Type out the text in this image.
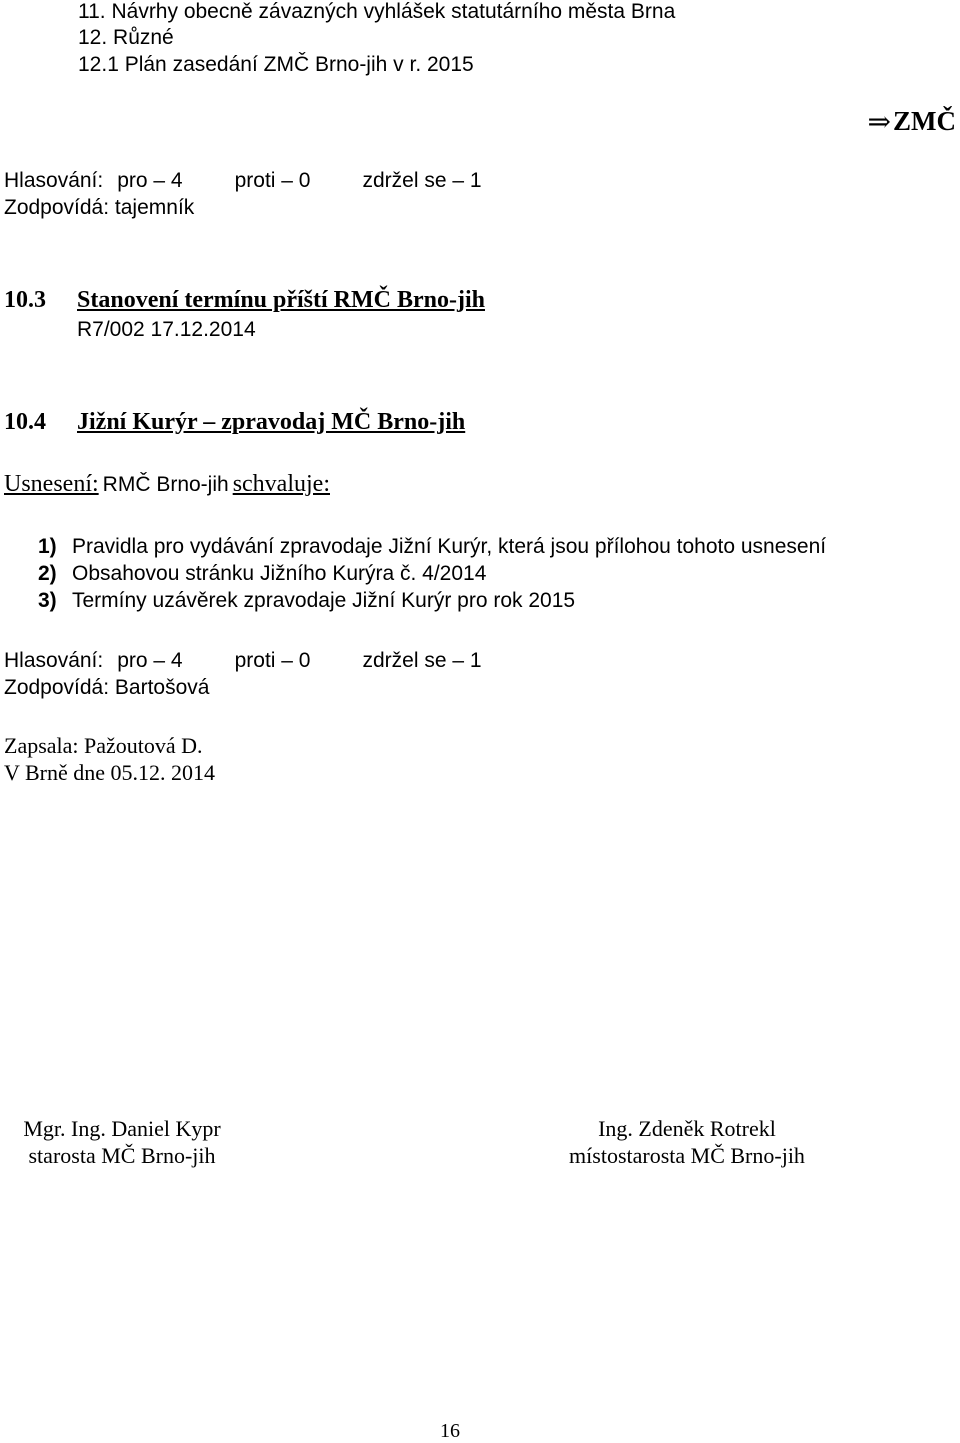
11. Návrhy obecně závazných vyhlášek statutárního města Brna
12. Různé
12.1 Plán zasedání ZMČ Brno-jih v r. 2015
⇒ZMČ
Hlasování: pro – 4 proti – 0 zdržel se – 1
Zodpovídá: tajemník
10.3 Stanovení termínu příští RMČ Brno-jih
R7/002 17.12.2014
10.4 Jižní Kurýr – zpravodaj MČ Brno-jih
Usnesení: RMČ Brno-jih schvaluje:
1) Pravidla pro vydávání zpravodaje Jižní Kurýr, která jsou přílohou tohoto usnesení
2) Obsahovou stránku Jižního Kurýra č. 4/2014
3) Termíny uzávěrek zpravodaje Jižní Kurýr pro rok 2015
Hlasování: pro – 4 proti – 0 zdržel se – 1
Zodpovídá: Bartošová
Zapsala: Pažoutová D.
V Brně dne 05.12. 2014
Mgr. Ing. Daniel Kypr
starosta MČ Brno-jih
Ing. Zdeněk Rotrekl
místostarosta MČ Brno-jih
16
